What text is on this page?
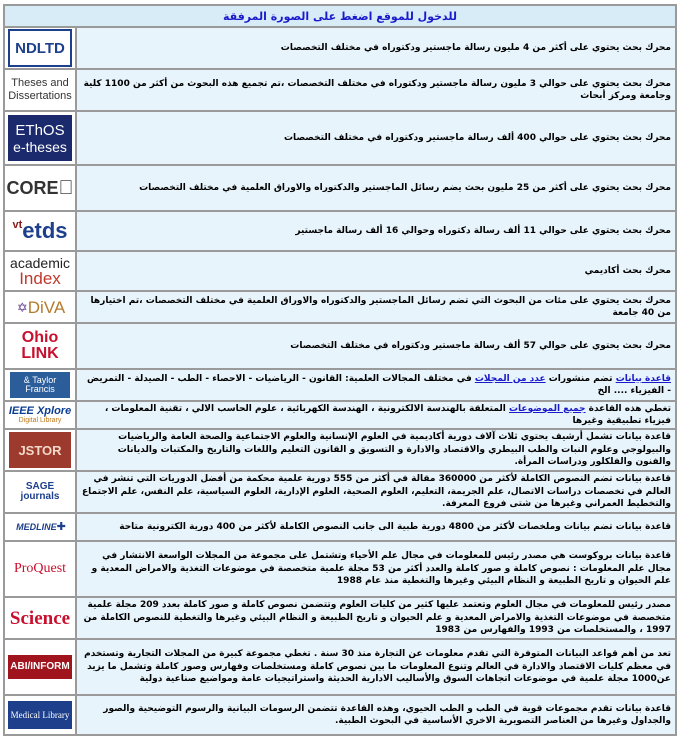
للدخول للموقع اضغط على الصورة المرفقة	
محرك بحث يحتوي على أكثر من 4 مليون رسالة ماجستير ودكتوراه في مختلف التخصصات	NDLTD

محرك بحث يحتوي على حوالي 3 مليون رسالة ماجستير ودكتوراه في مختلف التخصصات ،تم تجميع هذه البحوث من أكثر من 1100 كلية وجامعة ومركز أبحاث	Theses and
Dissertations

محرك بحث يحتوي على حوالي 400 ألف رسالة ماجستير ودكتوراه في مختلف التخصصات	EThOS
e-theses

محرك بحث يحتوي على أكثر من 25 مليون بحث يضم رسائل الماجستير والدكتوراه والاوراق العلمية في مختلف التخصصات	CORE

محرك بحث يحتوي على حوالي 11 ألف رسالة دكتوراه وحوالي 16 ألف رسالة ماجستير	etds
vt

محرك بحث أكاديمي	academic
Index

محرك بحث يحتوي على مئات من البحوث التي تضم رسائل الماجستير والدكتوراه والاوراق العلمية في مختلف التخصصات ،تم اختيارها من 40 جامعة	DiVA
✡

محرك بحث يحتوي على حوالي 57 ألف رسالة ماجستير ودكتوراه في مختلف التخصصات	Ohio
LINK

قاعدة بيانات تضم منشورات عدد من المجلات في مختلف المجالات العلمية: القانون - الرياضيات - الاحصاء - الطب - الصيدلة - التمريض - الفيزياء .... الخ	Taylor &
Francis

تغطي هذه القاعدة جميع الموضوعات المتعلقة بالهندسة الالكترونية ، الهندسة الكهربائية ، علوم الحاسب الالي ، تقنية المعلومات ، فيزياء تطبيقية وغيرها	IEEE Xplore
Digital Library

قاعدة بيانات تشمل أرشيف يحتوي ثلاث آلاف دورية أكاديمية في العلوم الإنسانية والعلوم الاجتماعية والصحة العامة والرياضيات والبيولوجي وعلوم النبات والطب البيطري والاقتصاد والادارة و التسويق و القانون التعليم واللغات والتاريخ والمكتبات والديانات والفنون والفلكلور ودراسات المرأة.	JSTOR

قاعدة بيانات تضم النصوص الكاملة لأكثر من 360000 مقالة في أكثر من 555 دورية علمية محكمة من أفضل الدوريات التي تنشر في العالم في تخصصات دراسات الاتصال، علم الجريمة، التعليم، العلوم الصحية، العلوم الإدارية، العلوم السياسية، علم النفس، علم الاجتماع والتخطيط العمراني وغيرها من شتى فروع المعرفة.	SAGE journals

قاعدة بيانات تضم بيانات وملخصات لأكثر من 4800 دورية طبية الى جانب النصوص الكاملة لأكثر من 400 دورية الكترونية متاحة	✚
MEDLINE

قاعدة بيانات بروكوست هي مصدر رئيس للمعلومات في مجال علم الأحياء وتشتمل على مجموعة من المجلات الواسعة الانتشار في مجال علم المعلومات : نصوص كاملة و صور كاملة والعدد أكثر من 53 مجلة علمية متخصصة في موضوعات التغذية والامراض المعدية و علم الحيوان و تاريخ الطبيعة و النظام البيئي وغيرها والتغطية منذ عام 1988	ProQuest

مصدر رئيس للمعلومات في مجال العلوم وتعتمد عليها كثير من كليات العلوم وتتضمن نصوص كاملة و صور كاملة بعدد 209 مجلة علمية متخصصة في موضوعات التغذية والامراض المعدية و علم الحيوان و تاريخ الطبيعة و النظام البيئي وغيرها والتغطية للنصوص الكاملة من 1997 ، والمستخلصات من 1993 والفهارس من 1983	Science

تعد من أهم قواعد البيانات المتوفرة التي تقدم معلومات عن التجارة منذ 30 سنة . تغطي مجموعة كبيرة من المجلات التجارية وتستخدم في معظم كليات الاقتصاد والادارة في العالم وتنوع المعلومات ما بين نصوص كاملة ومستخلصات وفهارس وصور كاملة وتشمل ما يزيد عن1000 مجلة علمية في موضوعات اتجاهات السوق والأساليب الادارية الحديثة واستراتيجيات عامة ومواضيع صناعية دولية	ABI/INFORM

قاعدة بيانات تقدم مجموعات قوية في الطب و الطب الحيوي، وهذه القاعدة تتضمن الرسومات البيانية والرسوم التوضيحية والصور والجداول وغيرها من العناصر التصويرية الاخري الأساسية في البحوث الطبية.	Medical Library
